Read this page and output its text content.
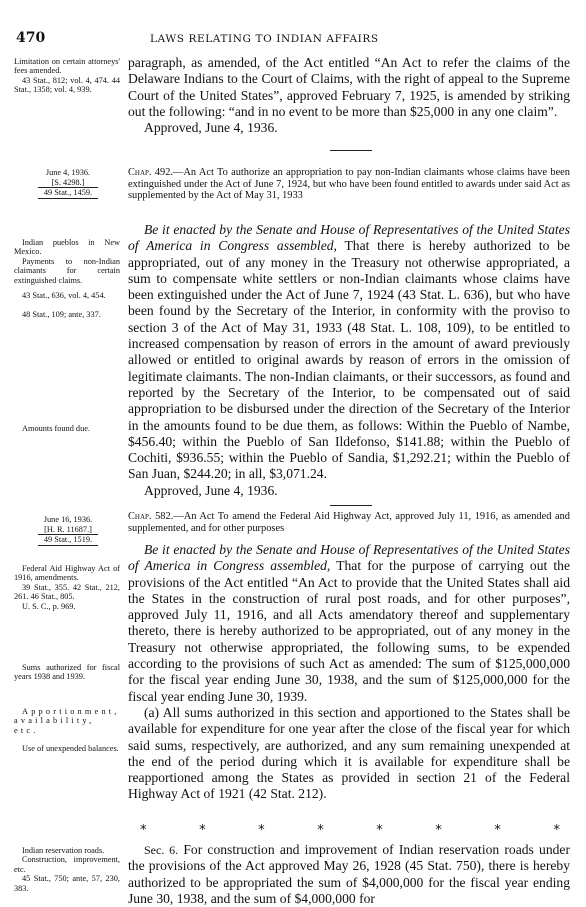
470	LAWS RELATING TO INDIAN AFFAIRS
Limitation on certain attorneys' fees amended.
43 Stat., 812; vol. 4, 474. 44 Stat., 1358; vol. 4, 939.
paragraph, as amended, of the Act entitled “An Act to refer the claims of the Delaware Indians to the Court of Claims, with the right of appeal to the Supreme Court of the United States”, approved February 7, 1925, is amended by striking out the following: “and in no event to be more than $25,000 in any one claim”.
Approved, June 4, 1936.
June 4, 1936.
[S. 4298.]
49 Stat., 1459.
Chap. 492.—An Act To authorize an appropriation to pay non-Indian claimants whose claims have been extinguished under the Act of June 7, 1924, but who have been found entitled to awards under said Act as supplemented by the Act of May 31, 1933
Indian pueblos in New Mexico.
Payments to non-Indian claimants for certain extinguished claims.
43 Stat., 636, vol. 4, 454.
48 Stat., 109; ante, 337.
Amounts found due.
Be it enacted by the Senate and House of Representatives of the United States of America in Congress assembled, That there is hereby authorized to be appropriated, out of any money in the Treasury not otherwise appropriated, a sum to compensate white settlers or non-Indian claimants whose claims have been extinguished under the Act of June 7, 1924 (43 Stat. L. 636), but who have been found by the Secretary of the Interior, in conformity with the proviso to section 3 of the Act of May 31, 1933 (48 Stat. L. 108, 109), to be entitled to increased compensation by reason of errors in the amount of award previously allowed or entitled to original awards by reason of errors in the omission of legitimate claimants. The non-Indian claimants, or their successors, as found and reported by the Secretary of the Interior, to be compensated out of said appropriation to be disbursed under the direction of the Secretary of the Interior in the amounts found to be due them, as follows: Within the Pueblo of Nambe, $456.40; within the Pueblo of San Ildefonso, $141.88; within the Pueblo of Cochiti, $936.55; within the Pueblo of Sandia, $1,292.21; within the Pueblo of San Juan, $244.20; in all, $3,071.24.
Approved, June 4, 1936.
June 16, 1936.
[H. R. 11687.]
49 Stat., 1519.
Chap. 582.—An Act To amend the Federal Aid Highway Act, approved July 11, 1916, as amended and supplemented, and for other purposes
Federal Aid Highway Act of 1916, amendments.
39 Stat., 355. 42 Stat., 212, 261. 46 Stat., 805.
U. S. C., p. 969.
Sums authorized for fiscal years 1938 and 1939.
Apportionment, availability, etc.
Use of unexpended balances.
Be it enacted by the Senate and House of Representatives of the United States of America in Congress assembled, That for the purpose of carrying out the provisions of the Act entitled “An Act to provide that the United States shall aid the States in the construction of rural post roads, and for other purposes”, approved July 11, 1916, and all Acts amendatory thereof and supplementary thereto, there is hereby authorized to be appropriated, out of any money in the Treasury not otherwise appropriated, the following sums, to be expended according to the provisions of such Act as amended: The sum of $125,000,000 for the fiscal year ending June 30, 1938, and the sum of $125,000,000 for the fiscal year ending June 30, 1939.
(a) All sums authorized in this section and apportioned to the States shall be available for expenditure for one year after the close of the fiscal year for which said sums, respectively, are authorized, and any sum remaining unexpended at the end of the period during which it is available for expenditure shall be reapportioned among the States as provided in section 21 of the Federal Highway Act of 1921 (42 Stat. 212).
*	*	*	*	*	*	*	*
Indian reservation roads.
Construction, improvement, etc.
45 Stat., 750; ante, 57, 230, 383.
Sec. 6. For construction and improvement of Indian reservation roads under the provisions of the Act approved May 26, 1928 (45 Stat. 750), there is hereby authorized to be appropriated the sum of $4,000,000 for the fiscal year ending June 30, 1938, and the sum of $4,000,000 for
